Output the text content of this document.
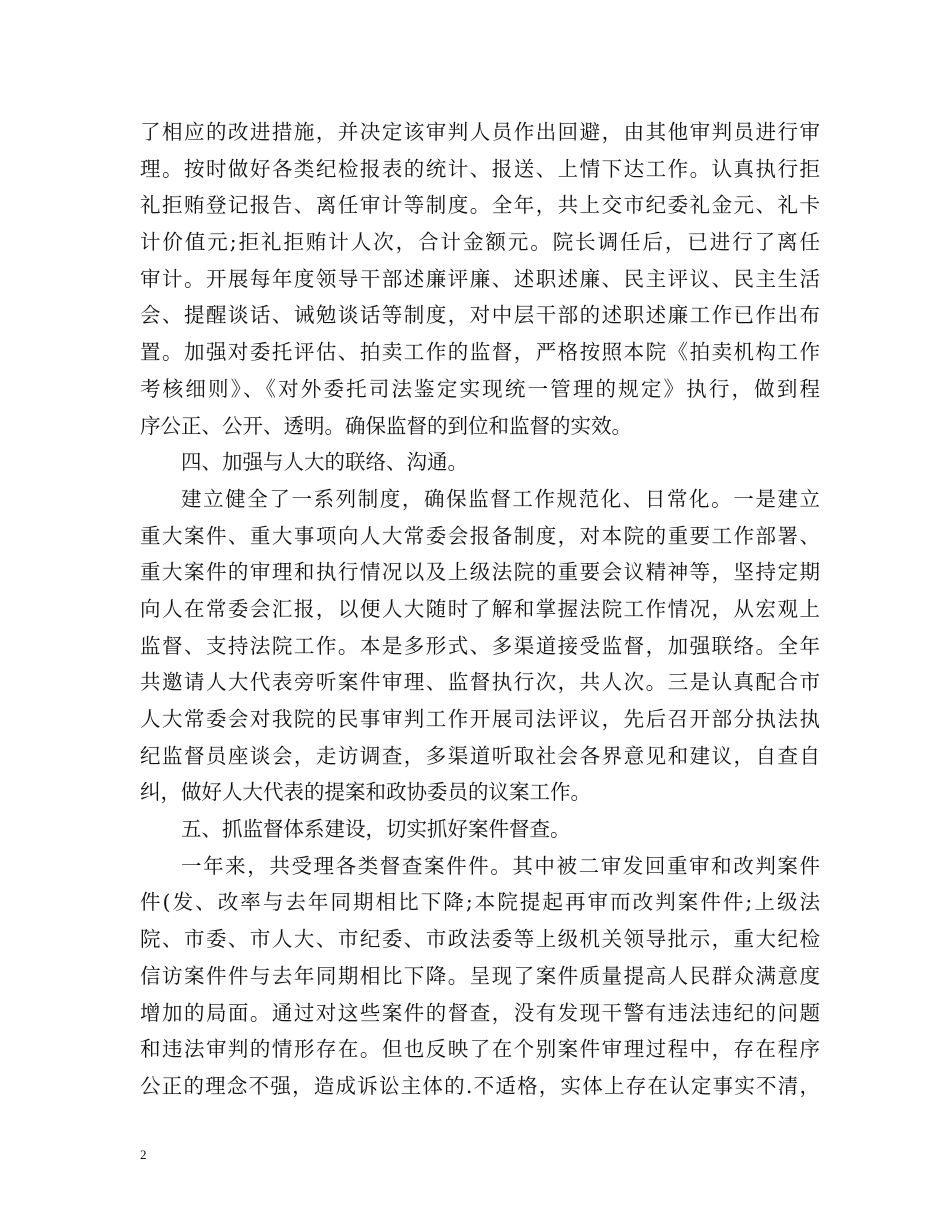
了相应的改进措施，并决定该审判人员作出回避，由其他审判员进行审
理。按时做好各类纪检报表的统计、报送、上情下达工作。认真执行拒
礼拒贿登记报告、离任审计等制度。全年，共上交市纪委礼金元、礼卡
计价值元;拒礼拒贿计人次，合计金额元。院长调任后，已进行了离任
审计。开展每年度领导干部述廉评廉、述职述廉、民主评议、民主生活
会、提醒谈话、诫勉谈话等制度，对中层干部的述职述廉工作已作出布
置。加强对委托评估、拍卖工作的监督，严格按照本院《拍卖机构工作
考核细则》、《对外委托司法鉴定实现统一管理的规定》执行，做到程
序公正、公开、透明。确保监督的到位和监督的实效。
四、加强与人大的联络、沟通。
建立健全了一系列制度，确保监督工作规范化、日常化。一是建立
重大案件、重大事项向人大常委会报备制度，对本院的重要工作部署、
重大案件的审理和执行情况以及上级法院的重要会议精神等，坚持定期
向人在常委会汇报，以便人大随时了解和掌握法院工作情况，从宏观上
监督、支持法院工作。本是多形式、多渠道接受监督，加强联络。全年
共邀请人大代表旁听案件审理、监督执行次，共人次。三是认真配合市
人大常委会对我院的民事审判工作开展司法评议，先后召开部分执法执
纪监督员座谈会，走访调查，多渠道听取社会各界意见和建议，自查自
纠，做好人大代表的提案和政协委员的议案工作。
五、抓监督体系建设，切实抓好案件督查。
一年来，共受理各类督查案件件。其中被二审发回重审和改判案件
件(发、改率与去年同期相比下降;本院提起再审而改判案件件;上级法
院、市委、市人大、市纪委、市政法委等上级机关领导批示，重大纪检
信访案件件与去年同期相比下降。呈现了案件质量提高人民群众满意度
增加的局面。通过对这些案件的督查，没有发现干警有违法违纪的问题
和违法审判的情形存在。但也反映了在个别案件审理过程中，存在程序
公正的理念不强，造成诉讼主体的.不适格，实体上存在认定事实不清，
2
